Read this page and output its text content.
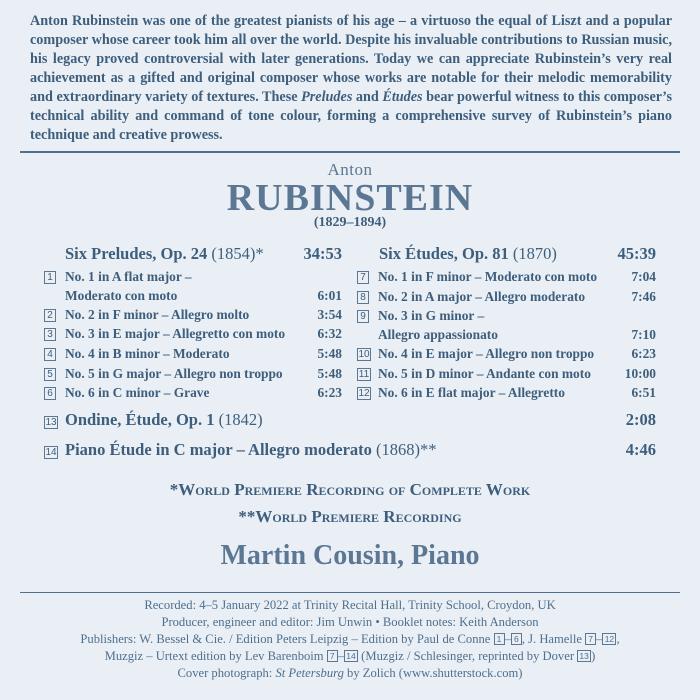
Anton Rubinstein was one of the greatest pianists of his age – a virtuoso the equal of Liszt and a popular composer whose career took him all over the world. Despite his invaluable contributions to Russian music, his legacy proved controversial with later generations. Today we can appreciate Rubinstein’s very real achievement as a gifted and original composer whose works are notable for their melodic memorability and extraordinary variety of textures. These Preludes and Études bear powerful witness to this composer’s technical ability and command of tone colour, forming a comprehensive survey of Rubinstein’s piano technique and creative prowess.
Anton
RUBINSTEIN
(1829–1894)
Six Preludes, Op. 24 (1854)*	34:53 Six Études, Op. 81 (1870)	45:39
1 No. 1 in A flat major –
Moderato con moto	6:01
2 No. 2 in F minor – Allegro molto	3:54
3 No. 3 in E major – Allegretto con moto 6:32
4 No. 4 in B minor – Moderato	5:48
5 No. 5 in G major – Allegro non troppo	5:48
6 No. 6 in C minor – Grave	6:23
7 No. 1 in F minor – Moderato con moto	7:04
8 No. 2 in A major – Allegro moderato	7:46
9 No. 3 in G minor –
Allegro appassionato	7:10
10 No. 4 in E major – Allegro non troppo	6:23
11 No. 5 in D minor – Andante con moto	10:00
12 No. 6 in E flat major – Allegretto	6:51
13 Ondine, Étude, Op. 1 (1842)	2:08
14 Piano Étude in C major – Allegro moderato (1868)**	4:46
*World Premiere Recording of Complete Work
**World Premiere Recording
Martin Cousin, Piano
Recorded: 4–5 January 2022 at Trinity Recital Hall, Trinity School, Croydon, UK
Producer, engineer and editor: Jim Unwin • Booklet notes: Keith Anderson
Publishers: W. Bessel & Cie. / Edition Peters Leipzig – Edition by Paul de Conne 1 – 6 , J. Hamelle 7 – 12 ,
Muzgiz – Urtext edition by Lev Barenboim 7 – 14 (Muzgiz / Schlesinger, reprinted by Dover 13 )
Cover photograph: St Petersburg by Zolich (www.shutterstock.com)
